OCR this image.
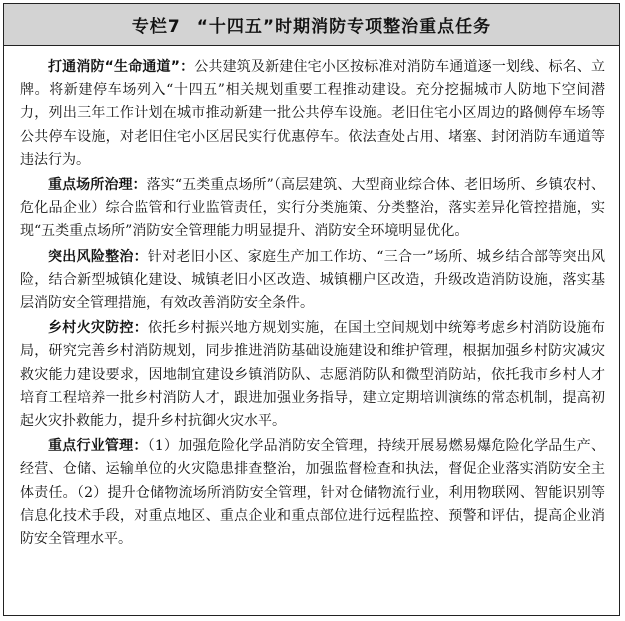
专栏7 “十四五”时期消防专项整治重点任务

打通消防“生命通道”：公共建筑及新建住宅小区按标准对消防车通道逐一划线、标名、立牌。将新建停车场列入“十四五”相关规划重要工程推动建设。充分挖掘城市人防地下空间潜力，列出三年工作计划在城市推动新建一批公共停车设施。老旧住宅小区周边的路侧停车场等公共停车设施，对老旧住宅小区居民实行优惠停车。依法查处占用、堵塞、封闭消防车通道等违法行为。

重点场所治理：落实“五类重点场所”（高层建筑、大型商业综合体、老旧场所、乡镇农村、危化品企业）综合监管和行业监管责任，实行分类施策、分类整治，落实差异化管控措施，实现“五类重点场所”消防安全管理能力明显提升、消防安全环境明显优化。

突出风险整治：针对老旧小区、家庭生产加工作坊、“三合一”场所、城乡结合部等突出风险，结合新型城镇化建设、城镇老旧小区改造、城镇棚户区改造，升级改造消防设施，落实基层消防安全管理措施，有效改善消防安全条件。

乡村火灾防控：依托乡村振兴地方规划实施，在国土空间规划中统筹考虑乡村消防设施布局，研究完善乡村消防规划，同步推进消防基础设施建设和维护管理，根据加强乡村防灾减灾救灾能力建设要求，因地制宜建设乡镇消防队、志愿消防队和微型消防站，依托我市乡村人才培育工程培养一批乡村消防人才，跟进加强业务指导，建立定期培训演练的常态机制，提高初起火灾扑救能力，提升乡村抗御火灾水平。

重点行业管理：（1）加强危险化学品消防安全管理，持续开展易燃易爆危险化学品生产、经营、仓储、运输单位的火灾隐患排查整治，加强监督检查和执法，督促企业落实消防安全主体责任。（2）提升仓储物流场所消防安全管理，针对仓储物流行业，利用物联网、智能识别等信息化技术手段，对重点地区、重点企业和重点部位进行远程监控、预警和评估，提高企业消防安全管理水平。
